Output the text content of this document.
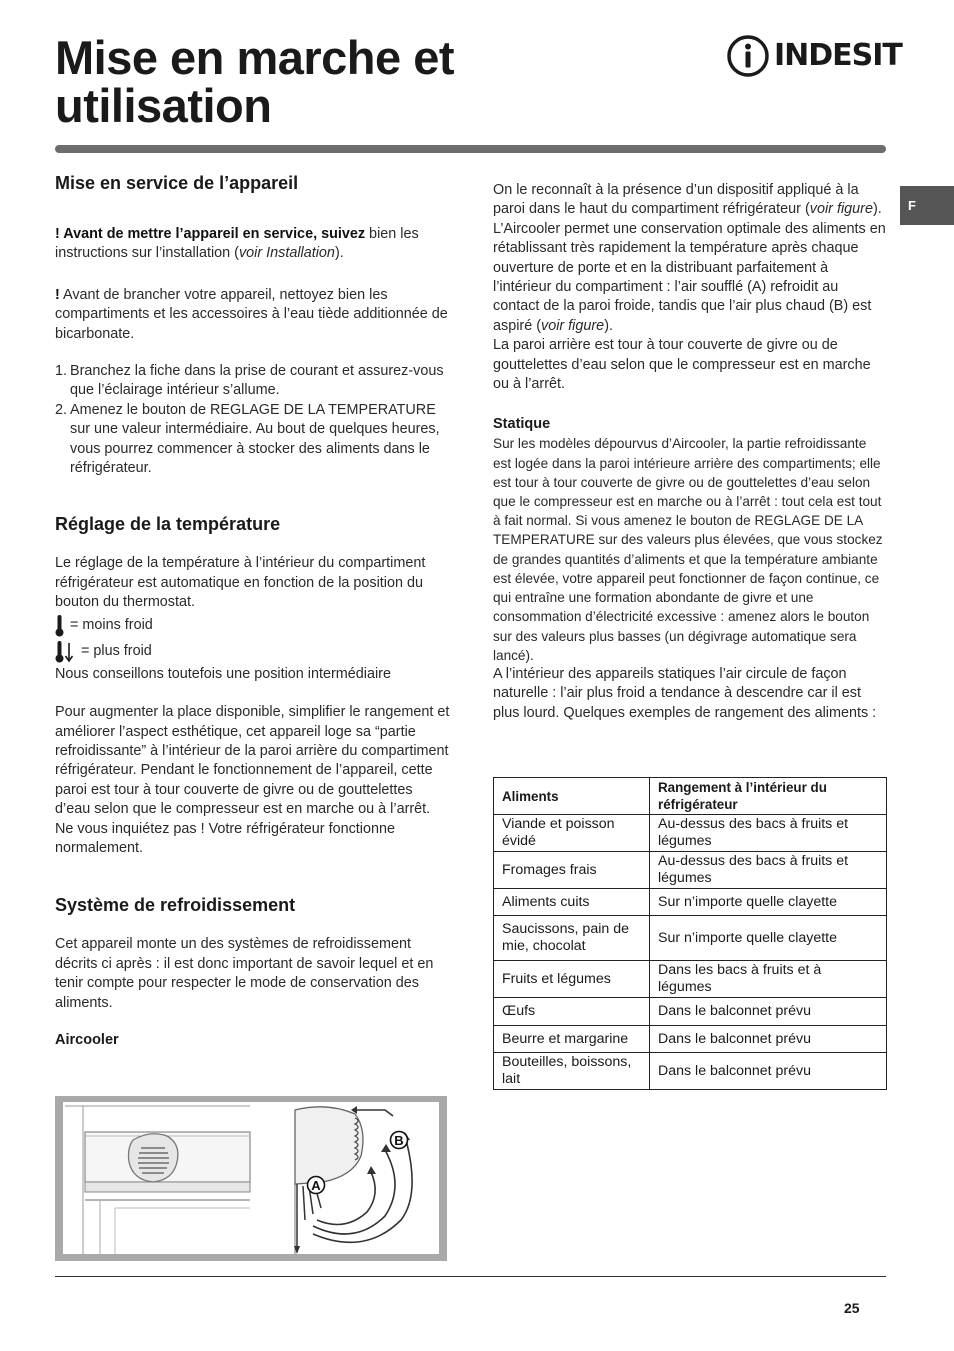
Mise en marche et utilisation
INDESIT
F
Mise en service de l’appareil

! Avant de mettre l’appareil en service, suivez bien les instructions sur l’installation (voir Installation).

! Avant de brancher votre appareil, nettoyez bien les compartiments et les accessoires à l’eau tiède additionnée de bicarbonate.

1. Branchez la fiche dans la prise de courant et assurez-vous que l’éclairage intérieur s’allume.
2. Amenez le bouton de REGLAGE DE LA TEMPERATURE sur une valeur intermédiaire. Au bout de quelques heures, vous pourrez commencer à stocker des aliments dans le réfrigérateur.
Réglage de la température

Le réglage de la température à l’intérieur du compartiment réfrigérateur est automatique en fonction de la position du bouton du thermostat.

= moins froid
= plus froid

Nous conseillons toutefois une position intermédiaire

Pour augmenter la place disponible, simplifier le rangement et améliorer l’aspect esthétique, cet appareil loge sa “partie refroidissante” à l’intérieur de la paroi arrière du compartiment réfrigérateur. Pendant le fonctionnement de l’appareil, cette paroi est tour à tour couverte de givre ou de gouttelettes d’eau selon que le compresseur est en marche ou à l’arrêt. Ne vous inquiétez pas ! Votre réfrigérateur fonctionne normalement.

Système de refroidissement

Cet appareil monte un des systèmes de refroidissement décrits ci après : il est donc important de savoir lequel et en tenir compte pour respecter le mode de conservation des aliments.

Aircooler
B
A

On le reconnaît à la présence d’un dispositif appliqué à la paroi dans le haut du compartiment réfrigérateur (voir figure). L’Aircooler permet une conservation optimale des aliments en rétablissant très rapidement la température après chaque ouverture de porte et en la distribuant parfaitement à l’intérieur du compartiment : l’air soufflé (A) refroidit au contact de la paroi froide, tandis que l’air plus chaud (B) est aspiré (voir figure).

La paroi arrière est tour à tour couverte de givre ou de gouttelettes d’eau selon que le compresseur est en marche ou à l’arrêt.

Statique

Sur les modèles dépourvus d’Aircooler, la partie refroidissante est logée dans la paroi intérieure arrière des compartiments; elle est tour à tour couverte de givre ou de gouttelettes d’eau selon que le compresseur est en marche ou à l’arrêt : tout cela est tout à fait normal. Si vous amenez le bouton de REGLAGE DE LA TEMPERATURE sur des valeurs plus élevées, que vous stockez de grandes quantités d’aliments et que la température ambiante est élevée, votre appareil peut fonctionner de façon continue, ce qui entraîne une formation abondante de givre et une consommation d’électricité excessive : amenez alors le bouton sur des valeurs plus basses (un dégivrage automatique sera lancé).

A l’intérieur des appareils statiques l’air circule de façon naturelle : l’air plus froid a tendance à descendre car il est plus lourd. Quelques exemples de rangement des aliments :

Aliments	Rangement à l’intérieur du réfrigérateur
Viande et poisson évidé	Au-dessus des bacs à fruits et légumes
Fromages frais	Au-dessus des bacs à fruits et légumes
Aliments cuits	Sur n’importe quelle clayette
Saucissons, pain de mie, chocolat	Sur n’importe quelle clayette
Fruits et légumes	Dans les bacs à fruits et à légumes
Œufs	Dans le balconnet prévu
Beurre et margarine	Dans le balconnet prévu
Bouteilles, boissons, lait	Dans le balconnet prévu
25
